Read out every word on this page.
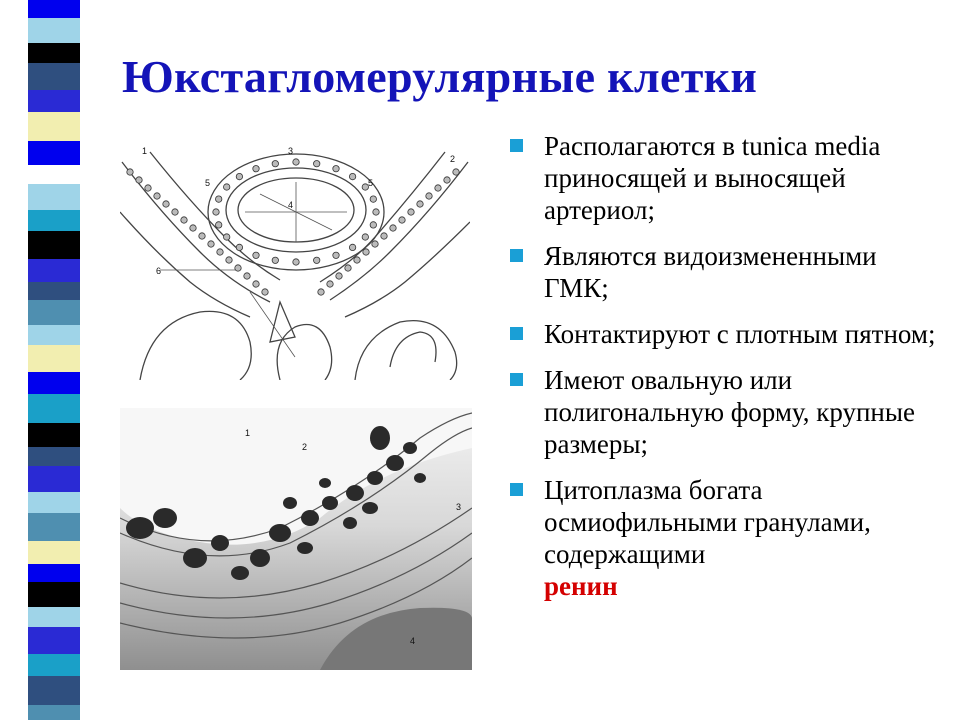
Юкстагломерулярные клетки
1
2
3
4
5	5
6
1
2
3
4
Располагаются в tunica media приносящей и выносящей артериол;
Являются видоизмененными ГМК;
Контактируют с плотным пятном;
Имеют овальную или полигональную форму, крупные размеры;
Цитоплазма богата осмиофильными гранулами, содержащими
ренин
